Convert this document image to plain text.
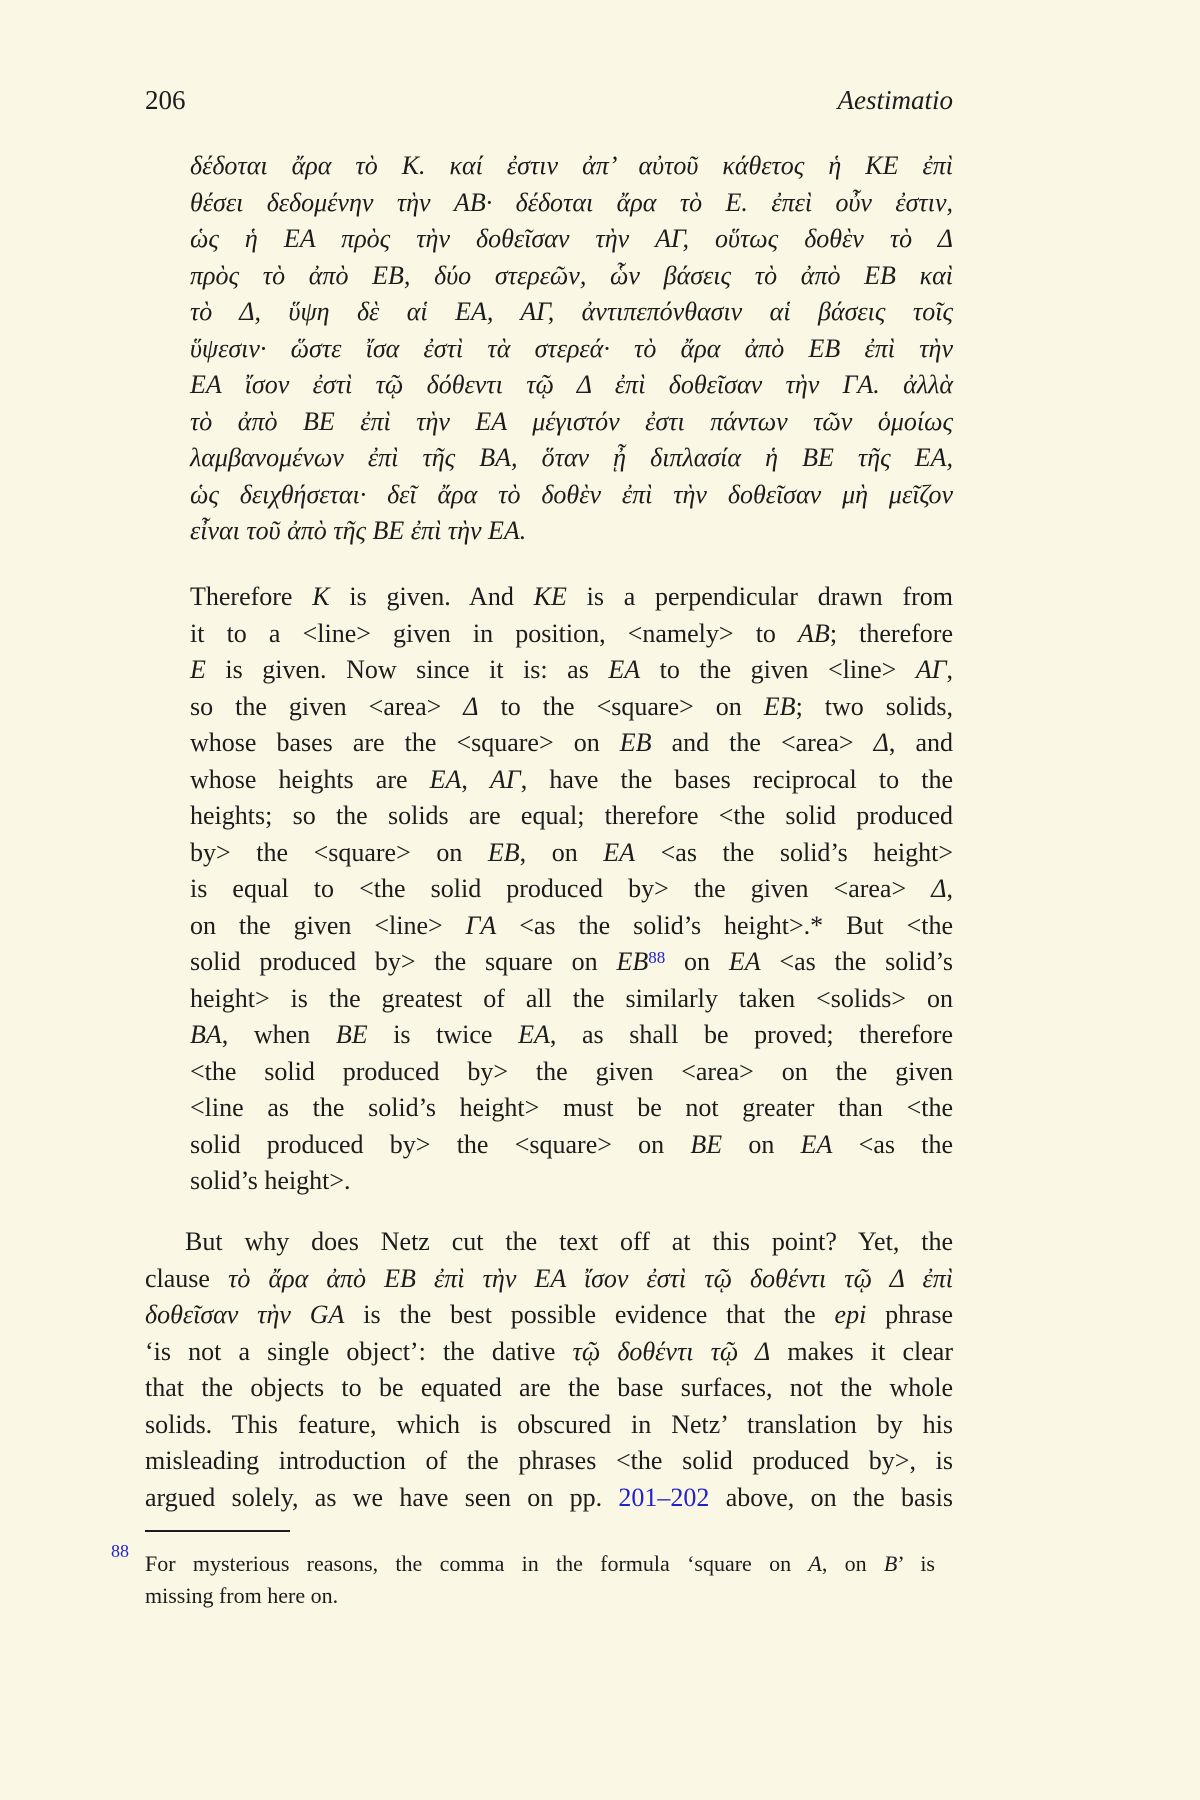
206	Aestimatio
δέδοται ἄρα τὸ K. καί ἐστιν ἀπ’ αὐτοῦ κάθετος ἡ KE ἐπὶ
θέσει δεδομένην τὴν AB· δέδοται ἄρα τὸ E. ἐπεὶ οὖν ἐστιν,
ὡς ἡ EA πρὸς τὴν δοθεῖσαν τὴν AΓ, οὕτως δοθὲν τὸ Δ
πρὸς τὸ ἀπὸ EB, δύο στερεῶν, ὧν βάσεις τὸ ἀπὸ EB καὶ
τὸ Δ, ὕψη δὲ αἱ EA, AΓ, ἀντιπεπόνθασιν αἱ βάσεις τοῖς
ὕψεσιν· ὥστε ἴσα ἐστὶ τὰ στερεά· τὸ ἄρα ἀπὸ EB ἐπὶ τὴν
EA ἴσον ἐστὶ τῷ δόθεντι τῷ Δ ἐπὶ δοθεῖσαν τὴν ΓA. ἀλλὰ
τὸ ἀπὸ BE ἐπὶ τὴν EA μέγιστόν ἐστι πάντων τῶν ὁμοίως
λαμβανομένων ἐπὶ τῆς BA, ὅταν ᾖ διπλασία ἡ BE τῆς EA,
ὡς δειχθήσεται· δεῖ ἄρα τὸ δοθὲν ἐπὶ τὴν δοθεῖσαν μὴ μεῖζον
εἶναι τοῦ ἀπὸ τῆς BE ἐπὶ τὴν EA.
Therefore K is given. And KE is a perpendicular drawn from
it to a <line> given in position, <namely> to AB; therefore
E is given. Now since it is: as EA to the given <line> AΓ,
so the given <area> Δ to the <square> on EB; two solids,
whose bases are the <square> on EB and the <area> Δ, and
whose heights are EA, AΓ, have the bases reciprocal to the
heights; so the solids are equal; therefore <the solid produced
by> the <square> on EB, on EA <as the solid’s height>
is equal to <the solid produced by> the given <area> Δ,
on the given <line> ΓA <as the solid’s height>.* But <the
solid produced by> the square on EB$^{88}$ on EA <as the solid’s
height> is the greatest of all the similarly taken <solids> on
BA, when BE is twice EA, as shall be proved; therefore
<the solid produced by> the given <area> on the given
<line as the solid’s height> must be not greater than <the
solid produced by> the <square> on BE on EA <as the
solid’s height>.
But why does Netz cut the text off at this point? Yet, the
clause τὸ ἄρα ἀπὸ EB ἐπὶ τὴν EA ἴσον ἐστὶ τῷ δοθέντι τῷ Δ ἐπὶ
δοθεῖσαν τὴν GA is the best possible evidence that the epi phrase
‘is not a single object’: the dative τῷ δοθέντι τῷ Δ makes it clear
that the objects to be equated are the base surfaces, not the whole
solids. This feature, which is obscured in Netz’ translation by his
misleading introduction of the phrases <the solid produced by>, is
argued solely, as we have seen on pp. 201–202 above, on the basis
88 For mysterious reasons, the comma in the formula ‘square on A, on B’ is
missing from here on.
